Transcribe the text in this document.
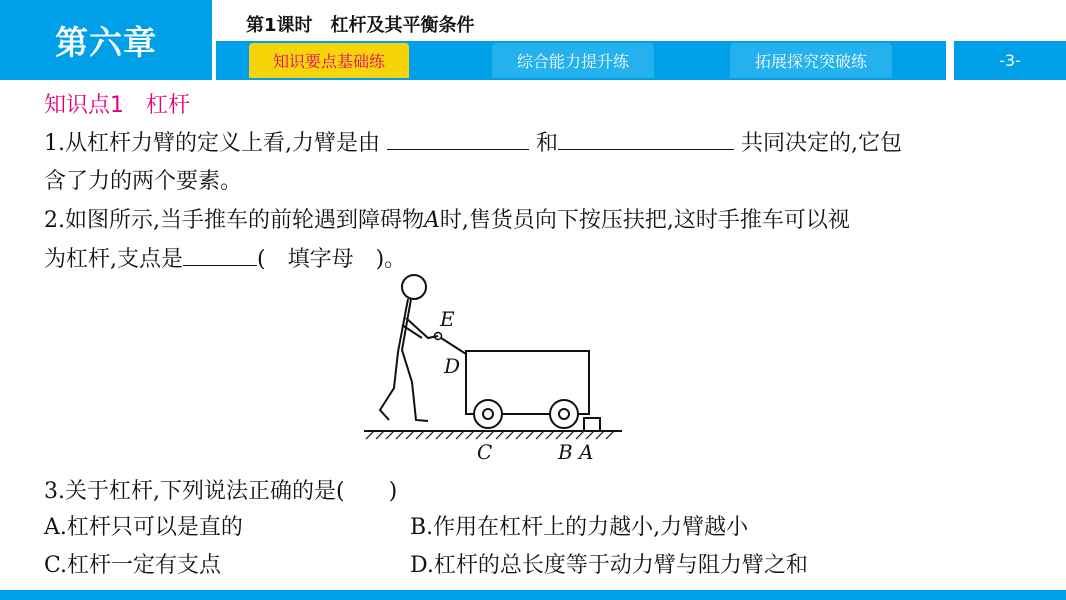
第六章	第1课时 杠杆及其平衡条件
知识要点基础练	综合能力提升练	拓展探究突破练	-3-
知识点1 杠杆
1.从杠杆力臂的定义上看,力臂是由	和	共同决定的,它包
含了力的两个要素。
2.如图所示,当手推车的前轮遇到障碍物A时,售货员向下按压扶把,这时手推车可以视
为杠杆,支点是	(　填字母　)。
E
D
C	B A
3.关于杠杆,下列说法正确的是(　　)
A.杠杆只可以是直的	B.作用在杠杆上的力越小,力臂越小
C.杠杆一定有支点	D.杠杆的总长度等于动力臂与阻力臂之和
